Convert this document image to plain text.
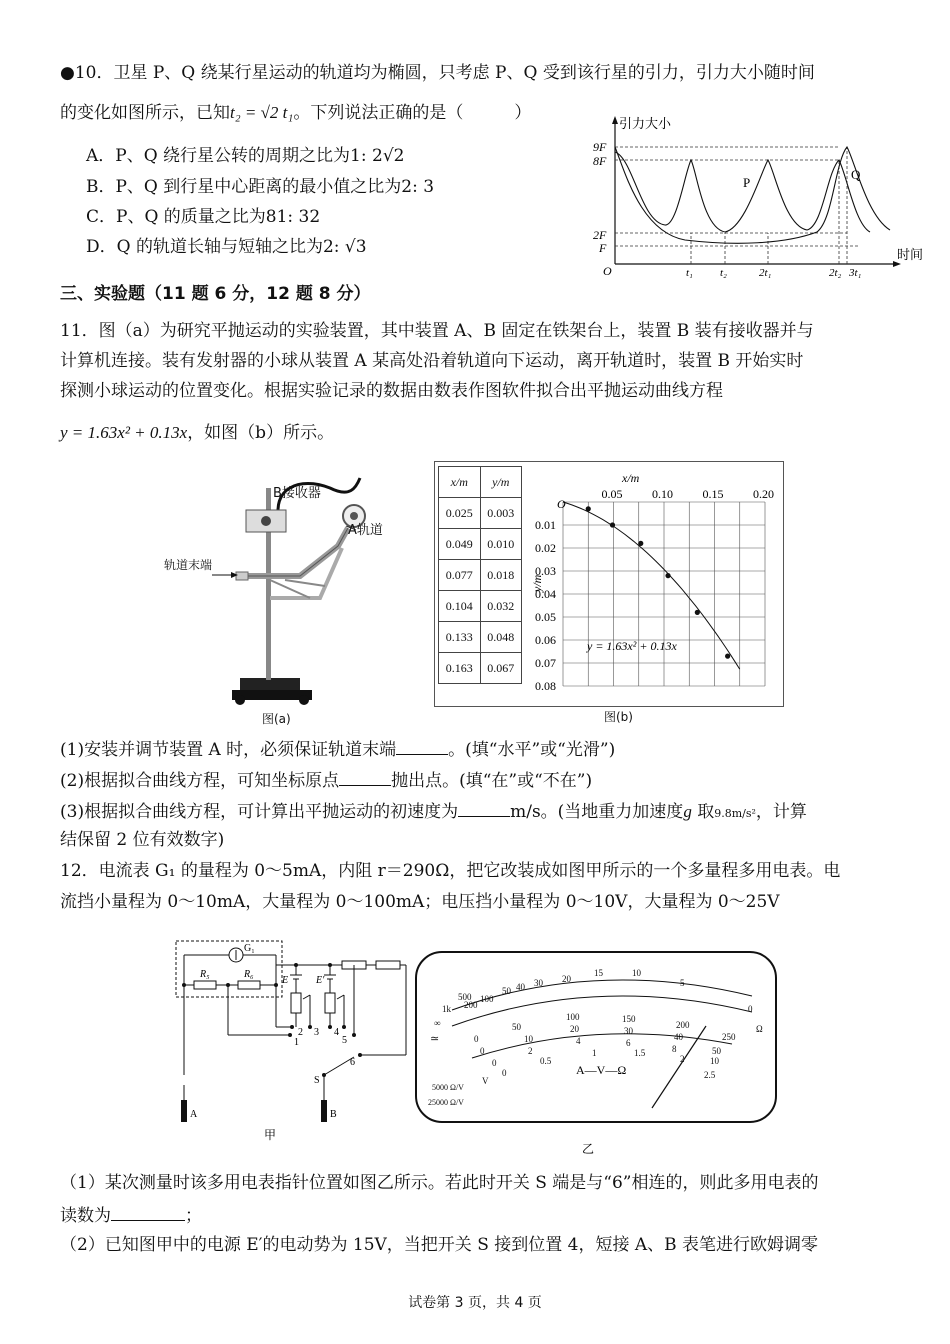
●10．卫星 P、Q 绕某行星运动的轨道均为椭圆，只考虑 P、Q 受到该行星的引力，引力大小随时间
的变化如图所示，已知t₂ = √2 t₁。下列说法正确的是（　　　）
A．P、Q 绕行星公转的周期之比为1: 2√2
B．P、Q 到行星中心距离的最小值之比为2: 3
C．P、Q 的质量之比为81: 32
D．Q 的轨道长轴与短轴之比为2: √3
引力大小
时间
O
9F
8F
2F
F
P
Q
t₁ t₂	2t₁	2t₂ 3t₁
三、实验题（11 题 6 分，12 题 8 分）
11．图（a）为研究平抛运动的实验装置，其中装置 A、B 固定在铁架台上，装置 B 装有接收器并与
计算机连接。装有发射器的小球从装置 A 某高处沿着轨道向下运动，离开轨道时，装置 B 开始实时
探测小球运动的位置变化。根据实验记录的数据由数表作图软件拟合出平抛运动曲线方程
y = 1.63x² + 0.13x，如图（b）所示。
B接收器
A轨道
轨道末端
图(a)
x/m	y/m
0.025	0.003
0.049	0.010
0.077	0.018
0.104	0.032
0.133	0.048
0.163	0.067
0.05 0.10 0.15 0.20
0.01
0.02
0.03
0.04
0.05
0.06
0.07
0.08
x/m
y/m
O
y = 1.63x² + 0.13x
图(b)
(1)安装并调节装置 A 时，必须保证轨道末端	。(填“水平”或“光滑”)
(2)根据拟合曲线方程，可知坐标原点	抛出点。(填“在”或“不在”)
(3)根据拟合曲线方程，可计算出平抛运动的初速度为	m/s。(当地重力加速度g 取9.8m/s²，计算
结保留 2 位有效数字)
12．电流表 G₁ 的量程为 0～5mA，内阻 r＝290Ω，把它改装成如图甲所示的一个多量程多用电表。电
流挡小量程为 0～10mA，大量程为 0～100mA；电压挡小量程为 0～10V，大量程为 0～25V
G₁
R₅	R₆
E	E′
1
2 3 4
5
6
S
A	B
甲
∞
1k
500
200
100
50 40 30 20
15	10
5
0
Ω
0
50
100	150
200
250
0
10
20	30
40
50
0
2
4	6
8
10
0
0.5
1	1.5
2
2.5
≃
V
5000 Ω/V
25000 Ω/V
A—V—Ω
乙
（1）某次测量时该多用电表指针位置如图乙所示。若此时开关 S 端是与“6”相连的，则此多用电表的
读数为	；
（2）已知图甲中的电源 E′的电动势为 15V，当把开关 S 接到位置 4，短接 A、B 表笔进行欧姆调零
试卷第 3 页，共 4 页
